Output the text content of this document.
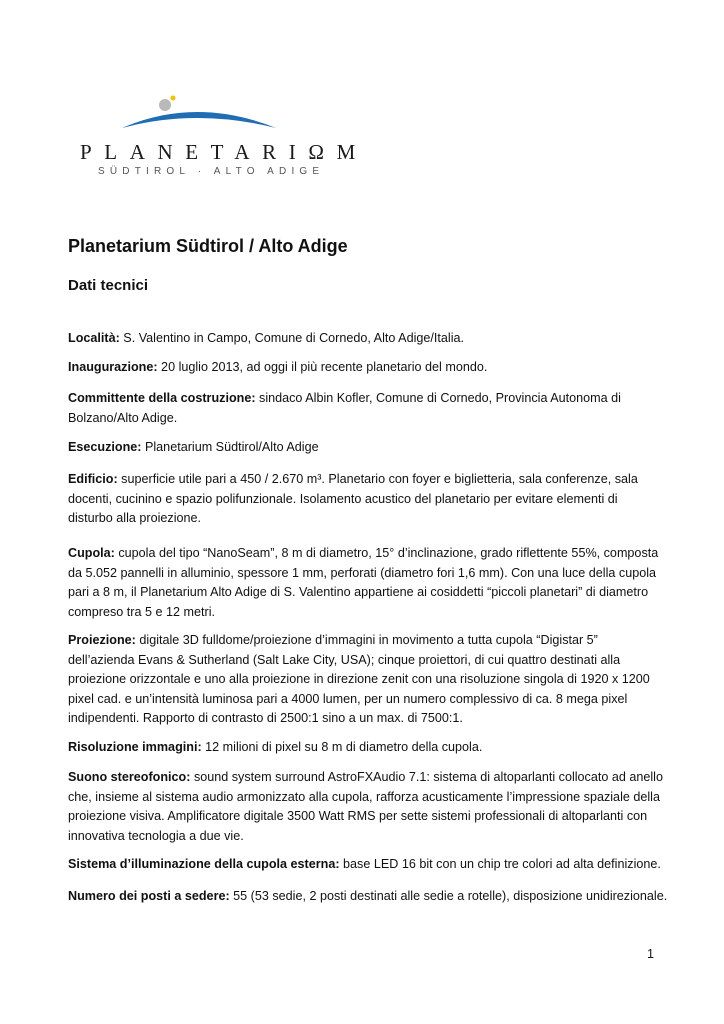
PLANETARIΩM
SÜDTIROL · ALTO ADIGE
Planetarium Südtirol / Alto Adige
Dati tecnici
Località: S. Valentino in Campo, Comune di Cornedo, Alto Adige/Italia.
Inaugurazione: 20 luglio 2013, ad oggi il più recente planetario del mondo.
Committente della costruzione: sindaco Albin Kofler, Comune di Cornedo, Provincia Autonoma di
Bolzano/Alto Adige.
Esecuzione: Planetarium Südtirol/Alto Adige
Edificio: superficie utile pari a 450 / 2.670 m³. Planetario con foyer e biglietteria, sala conferenze, sala
docenti, cucinino e spazio polifunzionale. Isolamento acustico del planetario per evitare elementi di
disturbo alla proiezione.
Cupola: cupola del tipo “NanoSeam”, 8 m di diametro, 15° d’inclinazione, grado riflettente 55%, composta
da 5.052 pannelli in alluminio, spessore 1 mm, perforati (diametro fori 1,6 mm). Con una luce della cupola
pari a 8 m, il Planetarium Alto Adige di S. Valentino appartiene ai cosiddetti “piccoli planetari” di diametro
compreso tra 5 e 12 metri.
Proiezione: digitale 3D fulldome/proiezione d’immagini in movimento a tutta cupola “Digistar 5”
dell’azienda Evans & Sutherland (Salt Lake City, USA); cinque proiettori, di cui quattro destinati alla
proiezione orizzontale e uno alla proiezione in direzione zenit con una risoluzione singola di 1920 x 1200
pixel cad. e un’intensità luminosa pari a 4000 lumen, per un numero complessivo di ca. 8 mega pixel
indipendenti. Rapporto di contrasto di 2500:1 sino a un max. di 7500:1.
Risoluzione immagini: 12 milioni di pixel su 8 m di diametro della cupola.
Suono stereofonico: sound system surround AstroFXAudio 7.1: sistema di altoparlanti collocato ad anello
che, insieme al sistema audio armonizzato alla cupola, rafforza acusticamente l’impressione spaziale della
proiezione visiva. Amplificatore digitale 3500 Watt RMS per sette sistemi professionali di altoparlanti con
innovativa tecnologia a due vie.
Sistema d’illuminazione della cupola esterna: base LED 16 bit con un chip tre colori ad alta definizione.
Numero dei posti a sedere: 55 (53 sedie, 2 posti destinati alle sedie a rotelle), disposizione unidirezionale.
1
